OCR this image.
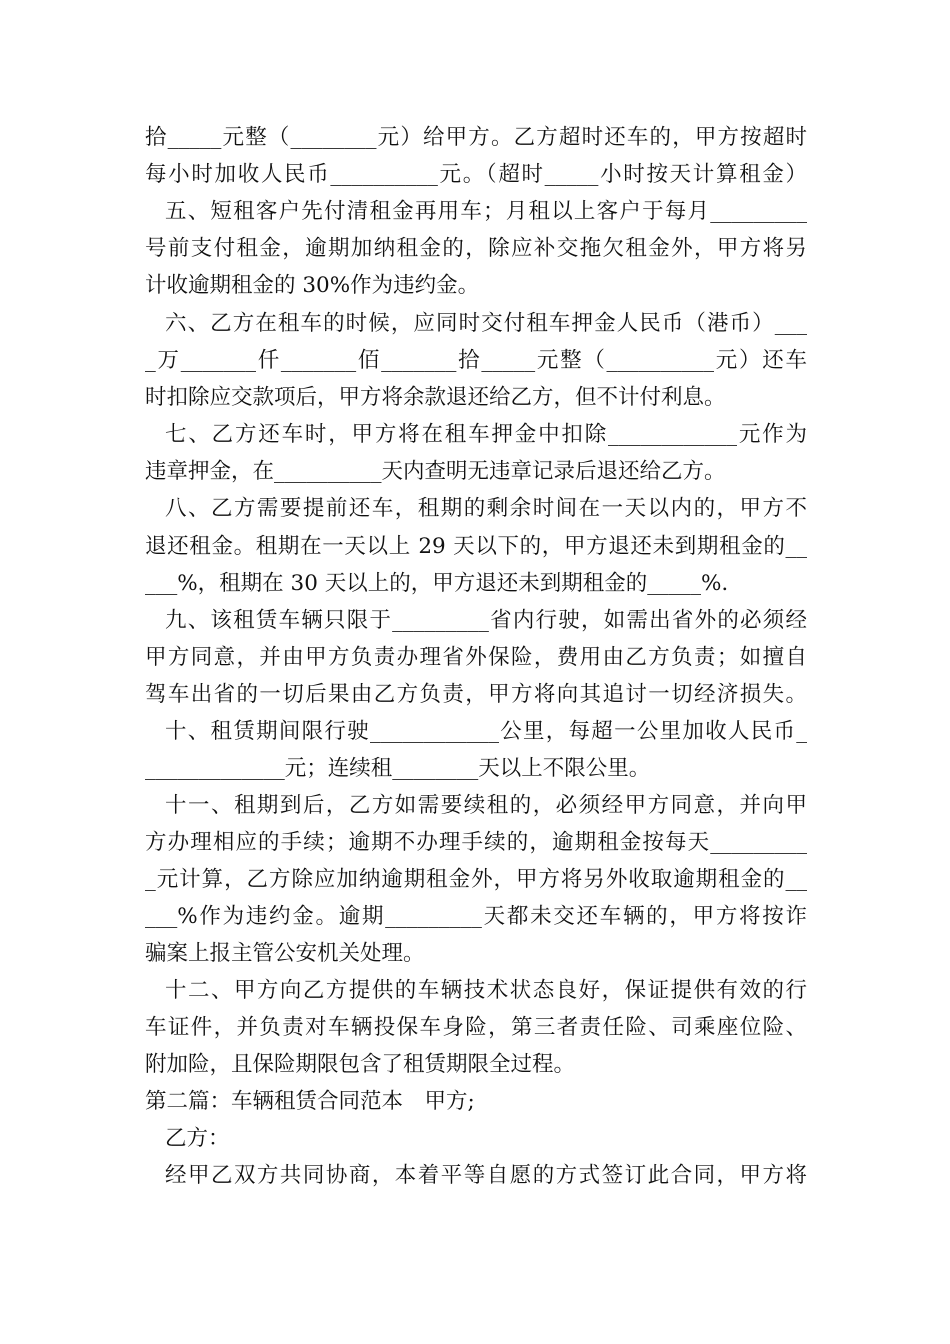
拾_____元整（________元）给甲方。乙方超时还车的，甲方按超时
每小时加收人民币__________元。（超时_____小时按天计算租金）
五、短租客户先付清租金再用车；月租以上客户于每月_________
号前支付租金，逾期加纳租金的，除应补交拖欠租金外，甲方将另
计收逾期租金的 30%作为违约金。
六、乙方在租车的时候，应同时交付租车押金人民币（港币）___
_万_______仟_______佰_______拾_____元整（__________元）还车
时扣除应交款项后，甲方将余款退还给乙方，但不计付利息。
七、乙方还车时，甲方将在租车押金中扣除____________元作为
违章押金，在__________天内查明无违章记录后退还给乙方。
八、乙方需要提前还车，租期的剩余时间在一天以内的，甲方不
退还租金。租期在一天以上 29 天以下的，甲方退还未到期租金的__
___%，租期在 30 天以上的，甲方退还未到期租金的_____%.
九、该租赁车辆只限于_________省内行驶，如需出省外的必须经
甲方同意，并由甲方负责办理省外保险，费用由乙方负责；如擅自
驾车出省的一切后果由乙方负责，甲方将向其追讨一切经济损失。
十、租赁期间限行驶____________公里，每超一公里加收人民币_
_____________元；连续租________天以上不限公里。
十一、租期到后，乙方如需要续租的，必须经甲方同意，并向甲
方办理相应的手续；逾期不办理手续的，逾期租金按每天_________
_元计算，乙方除应加纳逾期租金外，甲方将另外收取逾期租金的__
___%作为违约金。逾期_________天都未交还车辆的，甲方将按诈
骗案上报主管公安机关处理。
十二、甲方向乙方提供的车辆技术状态良好，保证提供有效的行
车证件，并负责对车辆投保车身险，第三者责任险、司乘座位险、
附加险，且保险期限包含了租赁期限全过程。
第二篇：车辆租赁合同范本　甲方;
乙方：
经甲乙双方共同协商，本着平等自愿的方式签订此合同，甲方将
